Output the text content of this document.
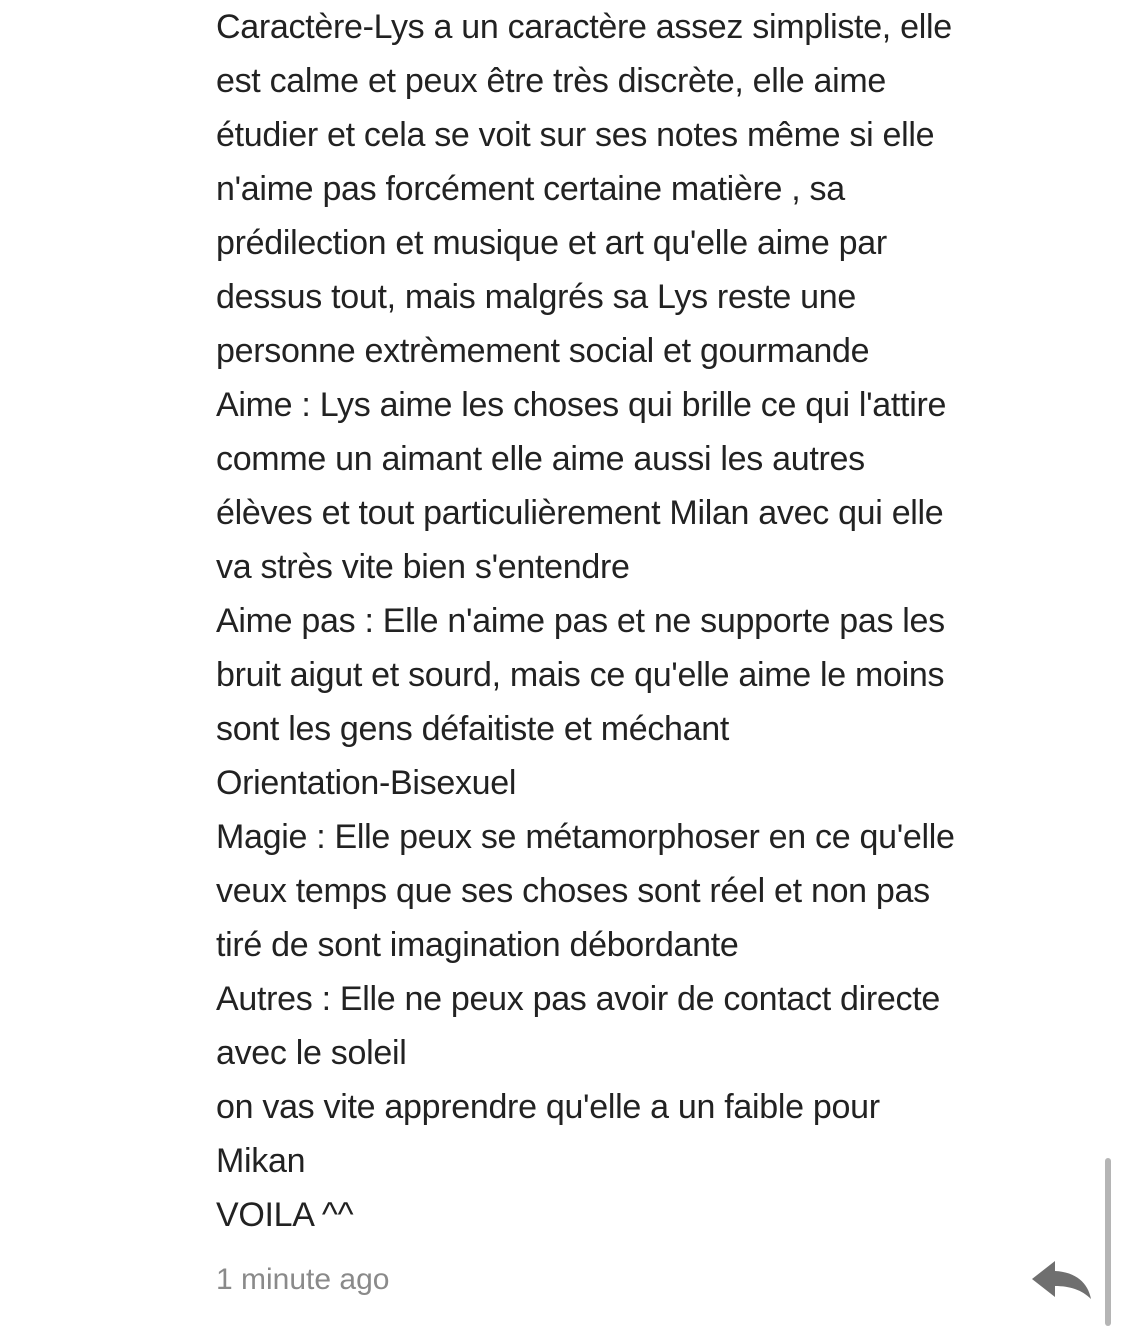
Caractère-Lys a un caractère assez simpliste, elle
est calme et peux être très discrète, elle aime
étudier et cela se voit sur ses notes même si elle
n'aime pas forcément certaine matière , sa
prédilection et musique et art qu'elle aime par
dessus tout, mais malgrés sa Lys reste une
personne extrèmement social et gourmande
Aime : Lys aime les choses qui brille ce qui l'attire
comme un aimant elle aime aussi les autres
élèves et tout particulièrement Milan avec qui elle
va strès vite bien s'entendre
Aime pas : Elle n'aime pas et ne supporte pas les
bruit aigut et sourd, mais ce qu'elle aime le moins
sont les gens défaitiste et méchant
Orientation-Bisexuel
Magie : Elle peux se métamorphoser en ce qu'elle
veux temps que ses choses sont réel et non pas
tiré de sont imagination débordante
Autres : Elle ne peux pas avoir de contact directe
avec le soleil
on vas vite apprendre qu'elle a un faible pour
Mikan
VOILA ^^
1 minute ago
